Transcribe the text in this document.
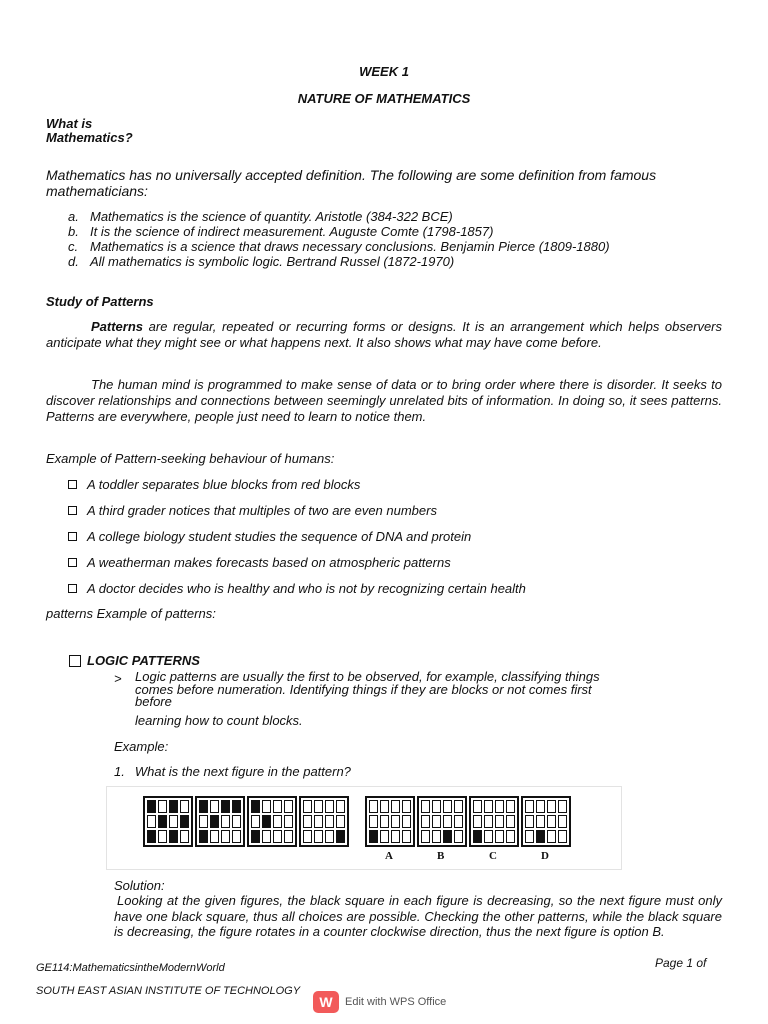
WEEK 1
NATURE OF MATHEMATICS
What is
Mathematics?

Mathematics has no universally accepted definition. The following are some definition from famous mathematicians:

a. Mathematics is the science of quantity. Aristotle (384-322 BCE)
b. It is the science of indirect measurement. Auguste Comte (1798-1857)
c. Mathematics is a science that draws necessary conclusions. Benjamin Pierce (1809-1880)
d. All mathematics is symbolic logic. Bertrand Russel (1872-1970)
Study of Patterns

Patterns are regular, repeated or recurring forms or designs. It is an arrangement which helps observers anticipate what they might see or what happens next. It also shows what may have come before.

The human mind is programmed to make sense of data or to bring order where there is disorder. It seeks to discover relationships and connections between seemingly unrelated bits of information. In doing so, it sees patterns. Patterns are everywhere, people just need to learn to notice them.

Example of Pattern-seeking behaviour of humans:
A toddler separates blue blocks from red blocks
A third grader notices that multiples of two are even numbers
A college biology student studies the sequence of DNA and protein
A weatherman makes forecasts based on atmospheric patterns
A doctor decides who is healthy and who is not by recognizing certain health
patterns Example of patterns:
LOGIC PATTERNS
> Logic patterns are usually the first to be observed, for example, classifying things
comes before numeration. Identifying things if they are blocks or not comes first
before
learning how to count blocks.
Example:
1. What is the next figure in the pattern?
A	B	C	D
Solution:

Looking at the given figures, the black square in each figure is decreasing, so the next figure must only have one black square, thus all choices are possible. Checking the other patterns, while the black square is decreasing, the figure rotates in a counter clockwise direction, thus the next figure is option B.

GE114:MathematicsintheModernWorld	Page 1 of
SOUTH EAST ASIAN INSTITUTE OF TECHNOLOGY
W	Edit with WPS Office
